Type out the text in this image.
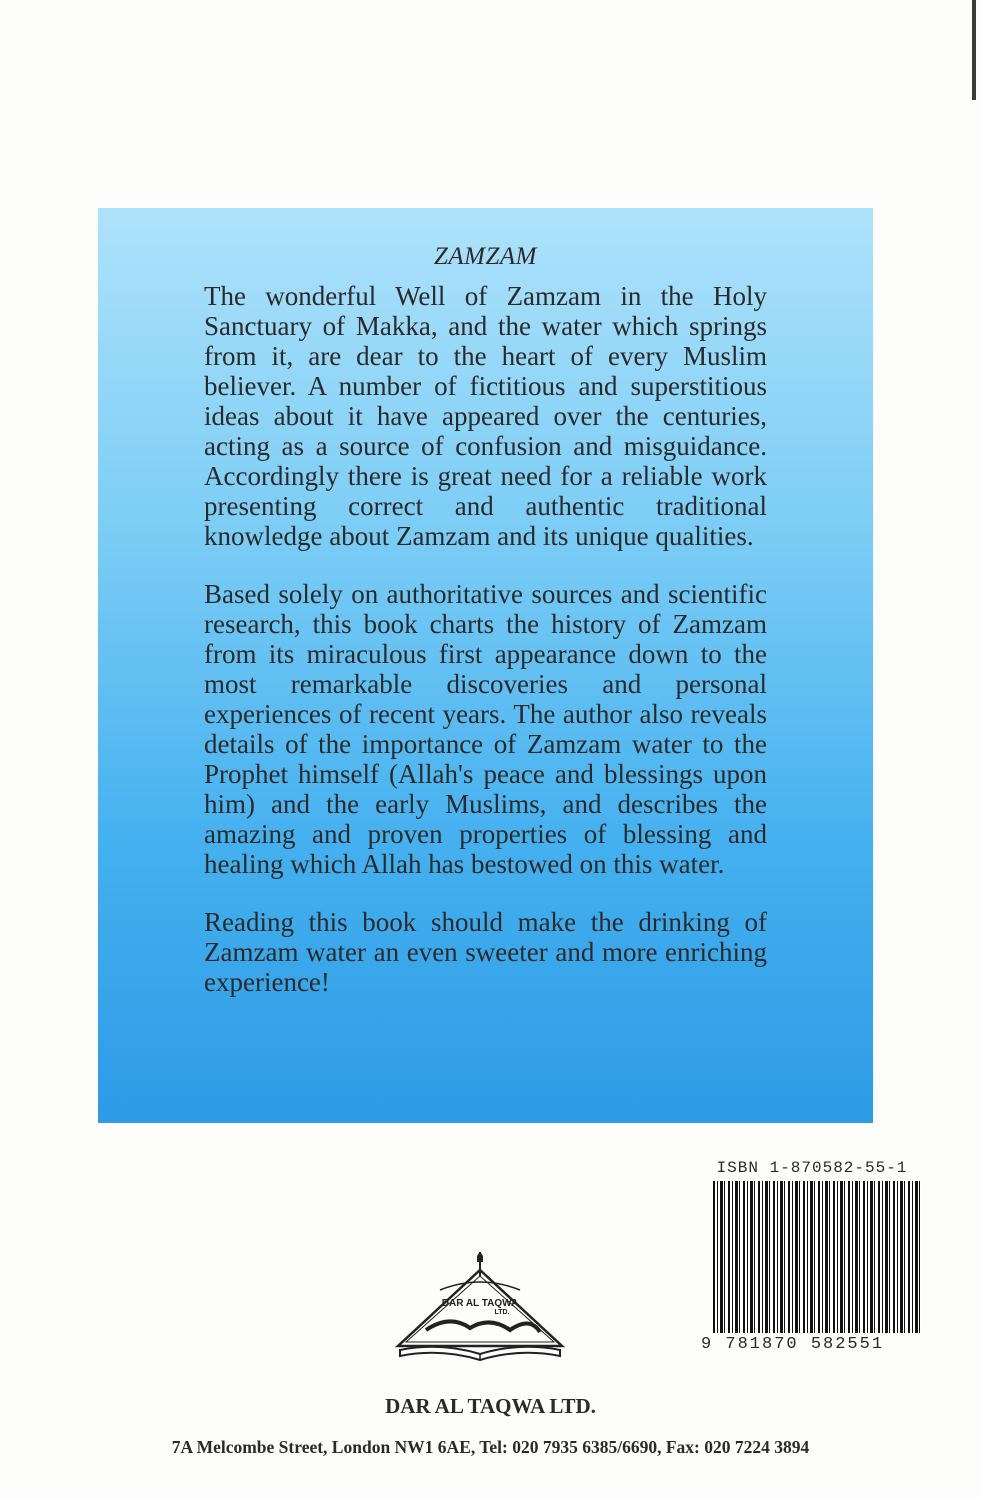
ZAMZAM

The wonderful Well of Zamzam in the Holy Sanctuary of Makka, and the water which springs from it, are dear to the heart of every Muslim believer. A number of fictitious and superstitious ideas about it have appeared over the centuries, acting as a source of confusion and misguidance. Accordingly there is great need for a reliable work presenting correct and authentic traditional knowledge about Zamzam and its unique qualities.

Based solely on authoritative sources and scientific research, this book charts the history of Zamzam from its miraculous first appearance down to the most remarkable discoveries and personal experiences of recent years. The author also reveals details of the importance of Zamzam water to the Prophet himself (Allah's peace and blessings upon him) and the early Muslims, and describes the amazing and proven properties of blessing and healing which Allah has bestowed on this water.

Reading this book should make the drinking of Zamzam water an even sweeter and more enriching experience!

ISBN 1-870582-55-1
9 781870 582551
DAR AL TAQWA
LTD.
DAR AL TAQWA LTD.
7A Melcombe Street, London NW1 6AE, Tel: 020 7935 6385/6690, Fax: 020 7224 3894
